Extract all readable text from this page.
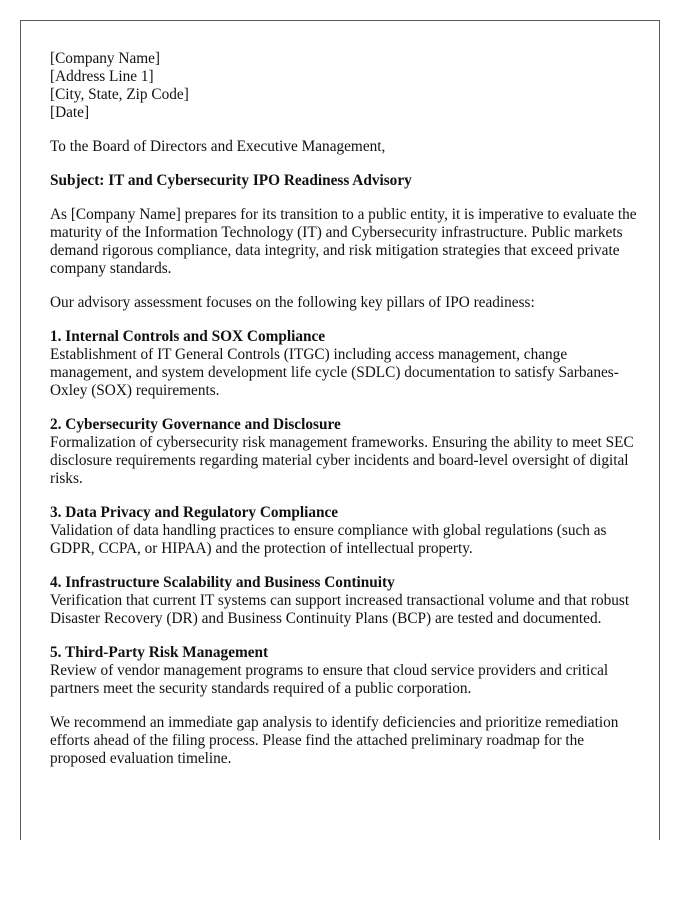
[Company Name]
[Address Line 1]
[City, State, Zip Code]
[Date]

To the Board of Directors and Executive Management,

Subject: IT and Cybersecurity IPO Readiness Advisory

As [Company Name] prepares for its transition to a public entity, it is imperative to evaluate the maturity of the Information Technology (IT) and Cybersecurity infrastructure. Public markets demand rigorous compliance, data integrity, and risk mitigation strategies that exceed private company standards.

Our advisory assessment focuses on the following key pillars of IPO readiness:

1. Internal Controls and SOX Compliance
Establishment of IT General Controls (ITGC) including access management, change management, and system development life cycle (SDLC) documentation to satisfy Sarbanes-Oxley (SOX) requirements.
2. Cybersecurity Governance and Disclosure
Formalization of cybersecurity risk management frameworks. Ensuring the ability to meet SEC disclosure requirements regarding material cyber incidents and board-level oversight of digital risks.
3. Data Privacy and Regulatory Compliance
Validation of data handling practices to ensure compliance with global regulations (such as GDPR, CCPA, or HIPAA) and the protection of intellectual property.
4. Infrastructure Scalability and Business Continuity
Verification that current IT systems can support increased transactional volume and that robust Disaster Recovery (DR) and Business Continuity Plans (BCP) are tested and documented.
5. Third-Party Risk Management
Review of vendor management programs to ensure that cloud service providers and critical partners meet the security standards required of a public corporation.

We recommend an immediate gap analysis to identify deficiencies and prioritize remediation efforts ahead of the filing process. Please find the attached preliminary roadmap for the proposed evaluation timeline.
